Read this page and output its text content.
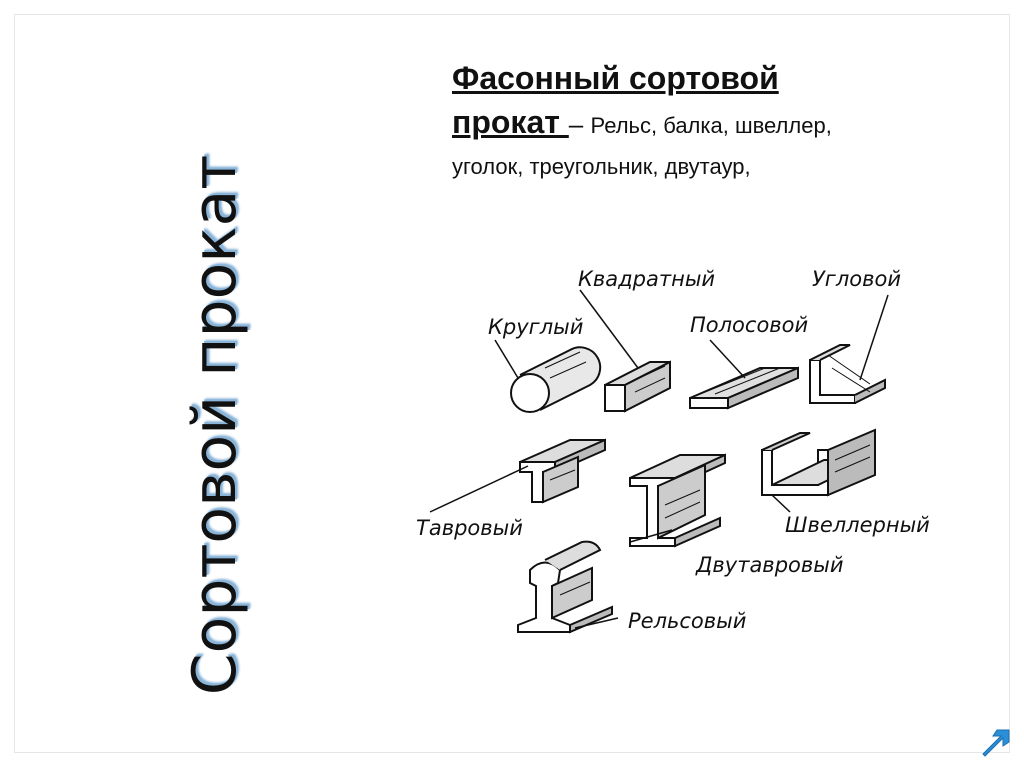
Сортовой прокат
Фасонный сортовой
прокат – Рельс, балка, швеллер,
уголок, треугольник, двутаур,
Круглый
Квадратный
Полосовой
Угловой
Тавровый
Двутавровый
Швеллерный
Рельсовый
